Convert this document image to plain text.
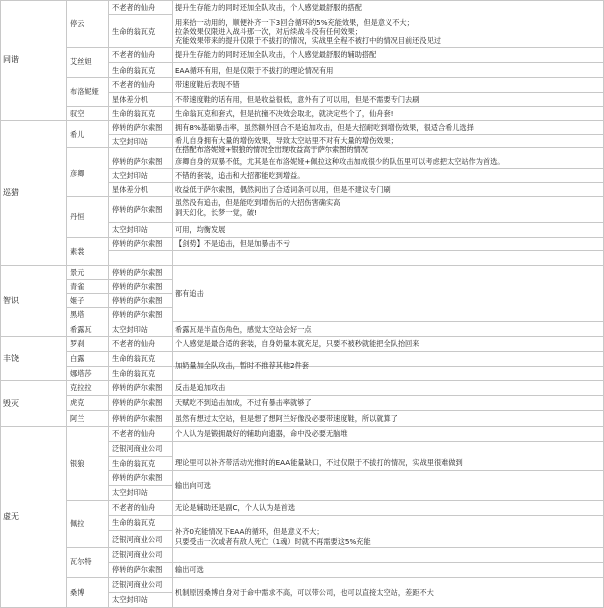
同谐
巡猎
智识
丰饶
毁灭
虚无
停云
艾丝妲
布洛妮娅
驭空
希儿
彦卿
丹恒
素裳
景元
青雀
姬子
黑塔
希露瓦
罗刹
白露
娜塔莎
克拉拉
虎克
阿兰
银狼
佩拉
瓦尔特
桑博
不老者的仙舟
生命的翁瓦克
不老者的仙舟
生命的翁瓦克
不老者的仙舟
星体差分机
生命的翁瓦克
停转的萨尔索图
太空封印站
停转的萨尔索图
太空封印站
星体差分机
停转的萨尔索图
太空封印站
停转的萨尔索图
停转的萨尔索图
停转的萨尔索图
停转的萨尔索图
停转的萨尔索图
太空封印站
不老者的仙舟
生命的翁瓦克
生命的翁瓦克
停转的萨尔索图
停转的萨尔索图
停转的萨尔索图
不老者的仙舟
泛银河商业公司
生命的翁瓦克
停转的萨尔索图
太空封印站
不老者的仙舟
生命的翁瓦克
泛银河商业公司
泛银河商业公司
停转的萨尔索图
泛银河商业公司
太空封印站
提升生存能力的同时还加全队攻击，个人感觉最舒服的搭配
用来拾一动用的，顺便补齐一下3回合循环的5%充能效果，但是意义不大；
拉条效果仅限进入战斗那一次，对后续战斗没有任何效果；
充能效果带来的提升仅限于不拔打的情况，实战里全程不被打中的情况目前还没见过
提升生存能力的同时还加全队攻击，个人感觉最舒服的辅助搭配
EAA循环有用，但是仅限于不拔打的理论情况有用
带速度鞋后表现不错
不带速度鞋的话有用，但是收益很低，意外有了可以用，但是不需要专门去刷
生命翁瓦克和套式，但是抗撞不决效会取北，就决定些个了，仙舟套!
拥有8%基础暴击率，虽然额外回合不是追加攻击，但是大招耐吃到增伤效果，很适合希儿选择
希儿自身拥有大量的增伤效果，导致太空站里不对有大量的增伤效果；
在搭配布洛妮娅+银狼的情况全出现收益高于萨尔索图的情况
彦卿自身的双暴不低，尤其是在布洛妮娅+佩拉这种攻击加成很少的队伍里可以考虑把太空站作为首选。
不错的套装，追击和大招都能吃到增益。
收益低于萨尔索图，偶然间出了合适词条可以用，但是不建议专门刷
虽然没有追击，但是能吃到增伤后的大招伤害确实高
洞天幻化，长梦一觉，破!
可用，均衡发展
【剑势】不是追击，但是加暴击不亏
都有追击
希露瓦是半直伤角色，感觉太空站会好一点
个人感觉是最合适的套装，自身奶量本就充足，只要不被秒就能把全队抬回来
加奶量加全队攻击，暂时不推荐其他2件套
反击是追加攻击
天赋吃不到追击加成，不过有暴击率就够了
虽然有想过太空站，但是想了想阿兰好像没必要带速度鞋，所以就算了
个人认为是锻拥最好的辅助向遗器，命中没必要无脑堆
理论里可以补齐带活动光推时的EAA能量缺口，不过仅限于不拔打的情况，实战里很难做到
输出向可选
无论是辅助还是副C，个人认为是首选
补齐0充能情况下EAA的循环，但是意义不大；
只要受击一次或者有敌人死亡（1魂）时就不再需要这5%充能
输出可选
机制原因桑博自身对于命中需求不高，可以带公司，也可以直接太空站，差距不大
